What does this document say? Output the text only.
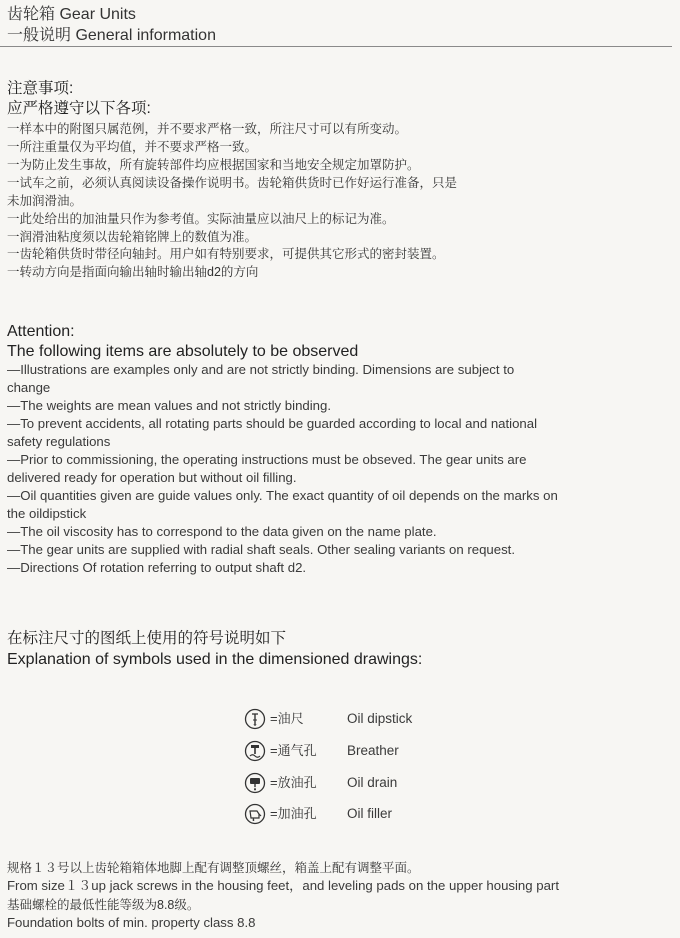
齿轮箱 Gear Units
一般说明 General information
注意事项:
应严格遵守以下各项:
一样本中的附图只属范例，并不要求严格一致，所注尺寸可以有所变动。
一所注重量仅为平均值，并不要求严格一致。
一为防止发生事故，所有旋转部件均应根据国家和当地安全规定加罩防护。
一试车之前，必须认真阅读设备操作说明书。齿轮箱供货时已作好运行准备，只是
未加润滑油。
一此处给出的加油量只作为参考值。实际油量应以油尺上的标记为准。
一润滑油粘度须以齿轮箱铭牌上的数值为准。
一齿轮箱供货时带径向轴封。用户如有特别要求，可提供其它形式的密封装置。
一转动方向是指面向输出轴时输出轴d2的方向
Attention:
The following items are absolutely to be observed
—Illustrations are examples only and are not strictly binding. Dimensions are subject to
change
—The weights are mean values and not strictly binding.
—To prevent accidents, all rotating parts should be guarded according to local and national
safety regulations
—Prior to commissioning, the operating instructions must be obseved. The gear units are
delivered ready for operation but without oil filling.
—Oil quantities given are guide values only. The exact quantity of oil depends on the marks on
the oildipstick
—The oil viscosity has to correspond to the data given on the name plate.
—The gear units are supplied with radial shaft seals. Other sealing variants on request.
—Directions Of rotation referring to output shaft d2.
在标注尺寸的图纸上使用的符号说明如下
Explanation of symbols used in the dimensioned drawings:
=油尺	Oil dipstick
=通气孔 Breather
=放油孔 Oil drain
=加油孔 Oil filler
规格１３号以上齿轮箱箱体地脚上配有调整顶螺丝，箱盖上配有调整平面。
From size１３up jack screws in the housing feet，and leveling pads on the upper housing part
基础螺栓的最低性能等级为8.8级。
Foundation bolts of min. property class 8.8
